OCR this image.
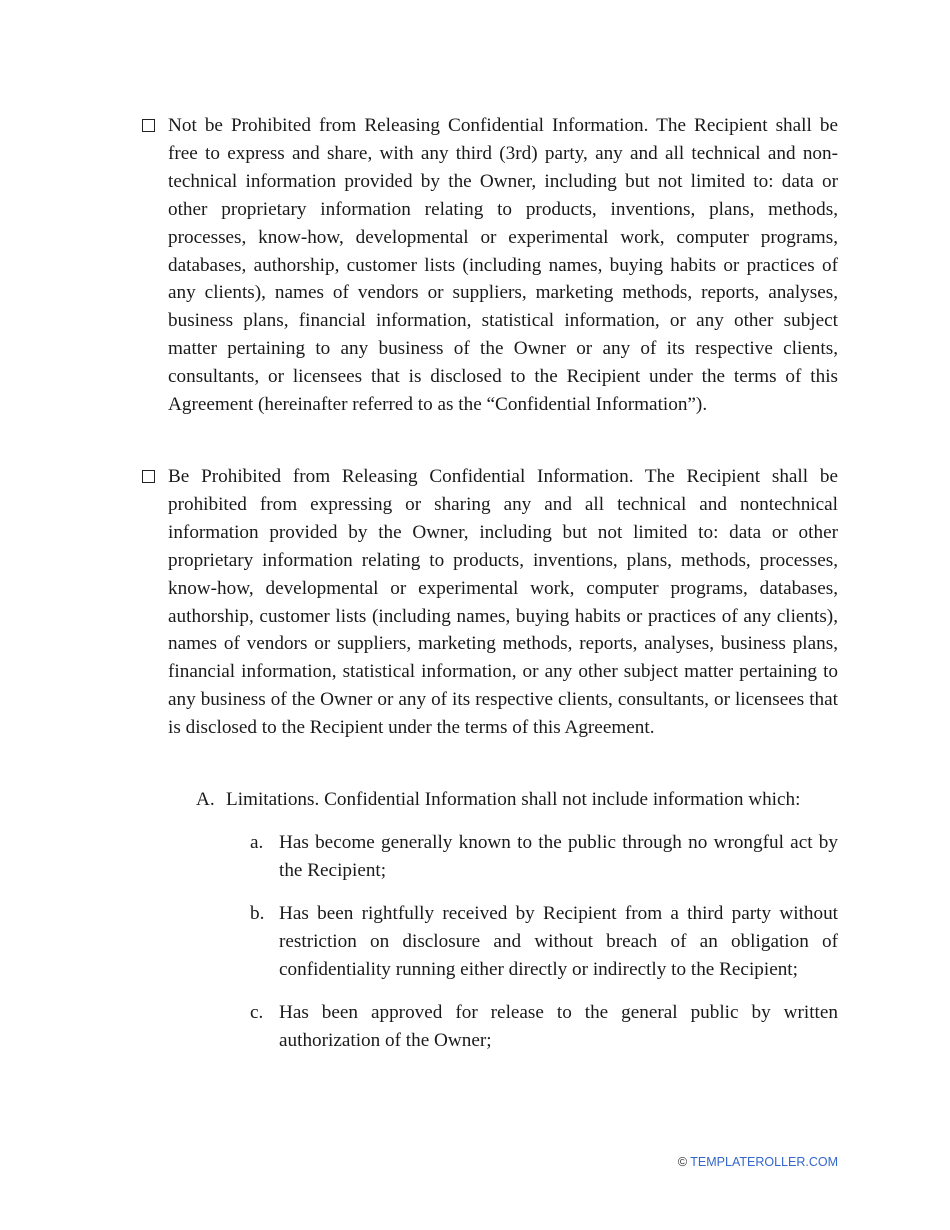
Not be Prohibited from Releasing Confidential Information. The Recipient shall be free to express and share, with any third (3rd) party, any and all technical and non-technical information provided by the Owner, including but not limited to: data or other proprietary information relating to products, inventions, plans, methods, processes, know-how, developmental or experimental work, computer programs, databases, authorship, customer lists (including names, buying habits or practices of any clients), names of vendors or suppliers, marketing methods, reports, analyses, business plans, financial information, statistical information, or any other subject matter pertaining to any business of the Owner or any of its respective clients, consultants, or licensees that is disclosed to the Recipient under the terms of this Agreement (hereinafter referred to as the “Confidential Information”).
Be Prohibited from Releasing Confidential Information. The Recipient shall be prohibited from expressing or sharing any and all technical and nontechnical information provided by the Owner, including but not limited to: data or other proprietary information relating to products, inventions, plans, methods, processes, know-how, developmental or experimental work, computer programs, databases, authorship, customer lists (including names, buying habits or practices of any clients), names of vendors or suppliers, marketing methods, reports, analyses, business plans, financial information, statistical information, or any other subject matter pertaining to any business of the Owner or any of its respective clients, consultants, or licensees that is disclosed to the Recipient under the terms of this Agreement.
A. Limitations. Confidential Information shall not include information which:
a. Has become generally known to the public through no wrongful act by the Recipient;
b. Has been rightfully received by Recipient from a third party without restriction on disclosure and without breach of an obligation of confidentiality running either directly or indirectly to the Recipient;
c. Has been approved for release to the general public by written authorization of the Owner;
© TEMPLATEROLLER.COM
